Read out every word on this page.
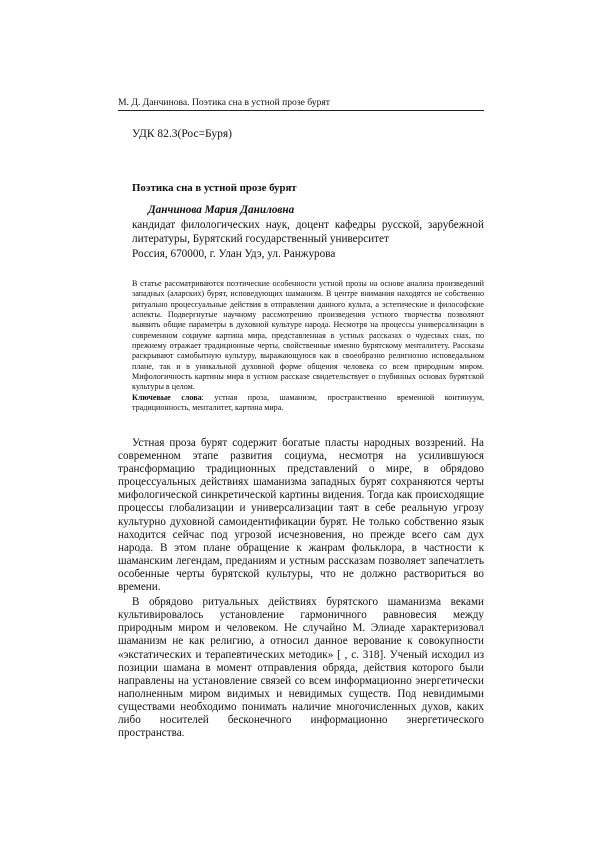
М. Д. Данчинова. Поэтика сна в устной прозе бурят
УДК 82.3(Рос=Буря)
Поэтика сна в устной прозе бурят
Данчинова Мария Даниловна
кандидат филологических наук, доцент кафедры русской, зарубежной литературы, Бурятский государственный университет
Россия, 670000, г. Улан Удэ, ул. Ранжурова

В статье рассматриваются поэтические особенности устной прозы на основе анализа произведений западных (аларских) бурят, исповедующих шаманизм. В центре внимания находятся не собственно ритуально процессуальные действия в отправлении данного культа, а эстетические и философские аспекты. Подвергнутые научному рассмотрению произведения устного творчества позволяют выявить общие параметры в духовной культуре народа. Несмотря на процессы универсализации в современном социуме картина мира, представленная в устных рассказах о чудесных снах, по прежнему отражает традиционные черты, свойственные именно бурятскому менталитету. Рассказы раскрывают самобытную культуру, выражающуюся как в своеобразно религиозно исповедальном плане, так и в уникальной духовной форме общения человека со всем природным миром. Мифологичность картины мира в устном рассказе свидетельствует о глубинных основах бурятской культуры в целом.

Ключевые слова: устная проза, шаманизм, пространственно временной континуум, традиционность, менталитет, картина мира.

Устная проза бурят содержит богатые пласты народных воззрений. На современном этапе развития социума, несмотря на усилившуюся трансформацию традиционных представлений о мире, в обрядово процессуальных действиях шаманизма западных бурят сохраняются черты мифологической синкретической картины видения. Тогда как происходящие процессы глобализации и универсализации таят в себе реальную угрозу культурно духовной самоидентификации бурят. Не только собственно язык находится сейчас под угрозой исчезновения, но прежде всего сам дух народа. В этом плане обращение к жанрам фольклора, в частности к шаманским легендам, преданиям и устным рассказам позволяет запечатлеть особенные черты бурятской культуры, что не должно раствориться во времени.

В обрядово ритуальных действиях бурятского шаманизма веками культивировалось установление гармоничного равновесия между природным миром и человеком. Не случайно М. Элиаде характеризовал шаманизм не как религию, а относил данное верование к совокупности «экстатических и терапевтических методик» [ , с. 318]. Ученый исходил из позиции шамана в момент отправления обряда, действия которого были направлены на установление связей со всем информационно энергетически наполненным миром видимых и невидимых существ. Под невидимыми существами необходимо понимать наличие многочисленных духов, каких либо носителей бесконечного информационно энергетического пространства.
